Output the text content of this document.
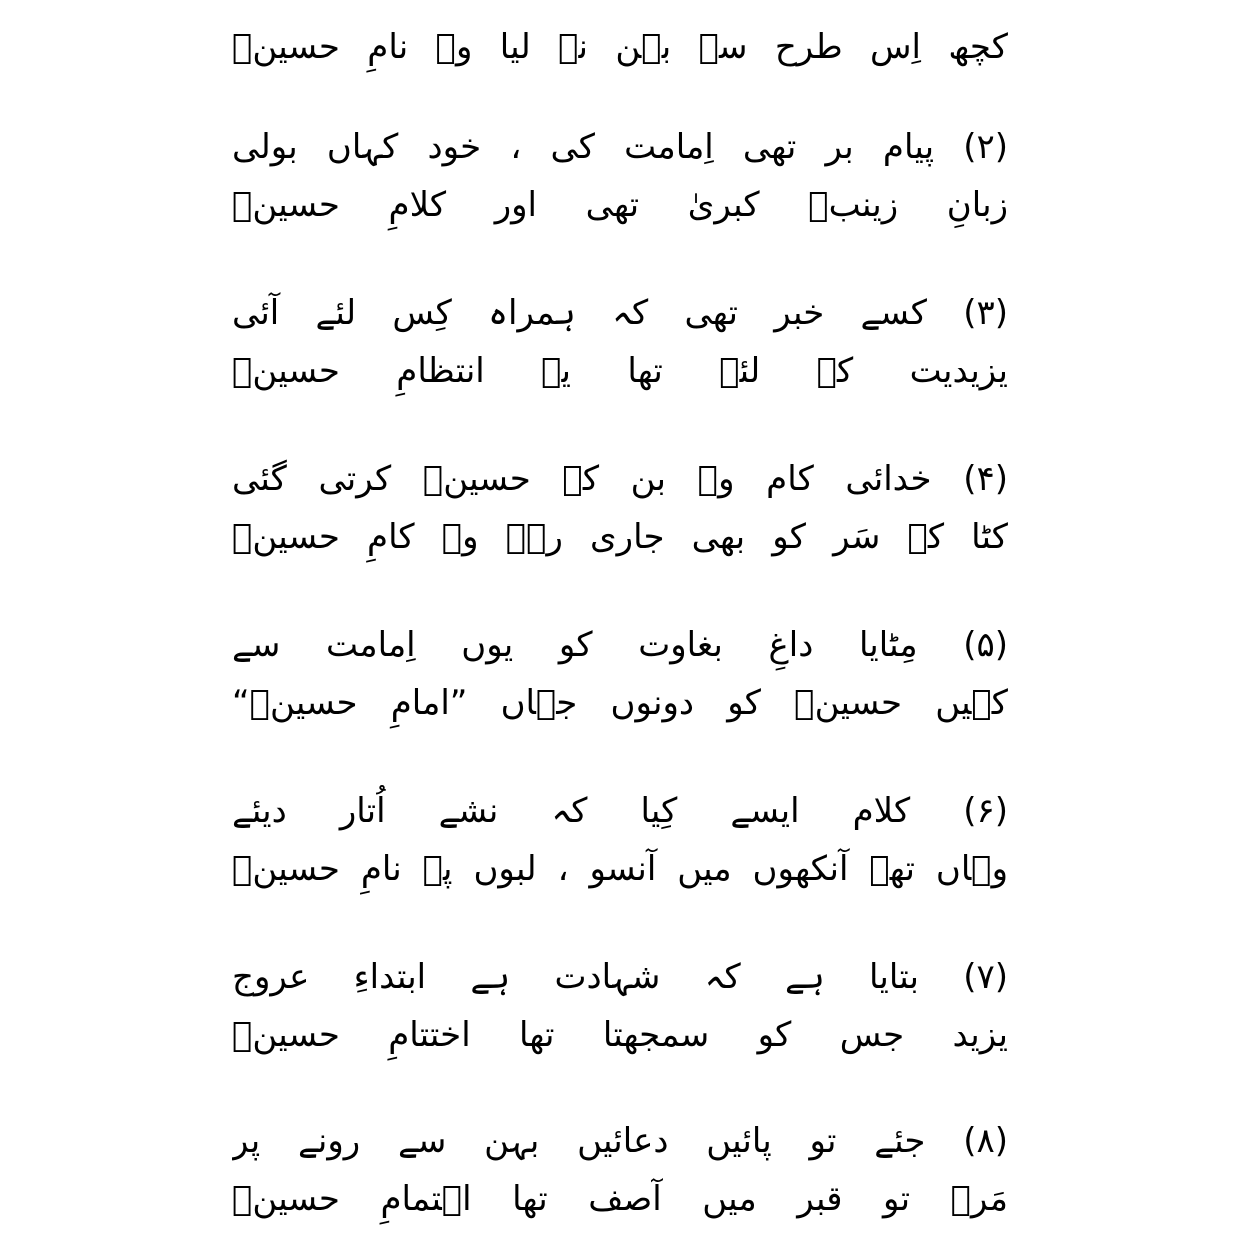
کچھ اِس طرح سے بہن نے لیا وہ نامِ حسینؑ
(۲) پیام بر تھی اِمامت کی ، خود کہاں بولی
زبانِ زینبؑ کبریٰ تھی اور کلامِ حسینؑ
(۳) کسے خبر تھی کہ ہمراہ کِس لئے آئی
یزیدیت کے لئے تھا یہ انتظامِ حسینؑ
(۴) خدائی کام وہ بن کے حسینؑ کرتی گئی
کٹا کے سَر کو بھی جاری رہے وہ کامِ حسینؑ
(۵) مِٹایا داغِ بغاوت کو یوں اِمامت سے
کہیں حسینؑ کو دونوں جہاں ”امامِ حسینؑ“
(۶) کلام ایسے کِیا کہ نشے اُتار دیئے
وہاں تھے آنکھوں میں آنسو ، لبوں پہ نامِ حسینؑ
(۷) بتایا ہے کہ شہادت ہے ابتداءِ عروج
یزید جس کو سمجھتا تھا اختتامِ حسینؑ
(۸) جئے تو پائیں دعائیں بہن سے رونے پر
مَرے تو قبر میں آصف تھا اہتمامِ حسینؑ
